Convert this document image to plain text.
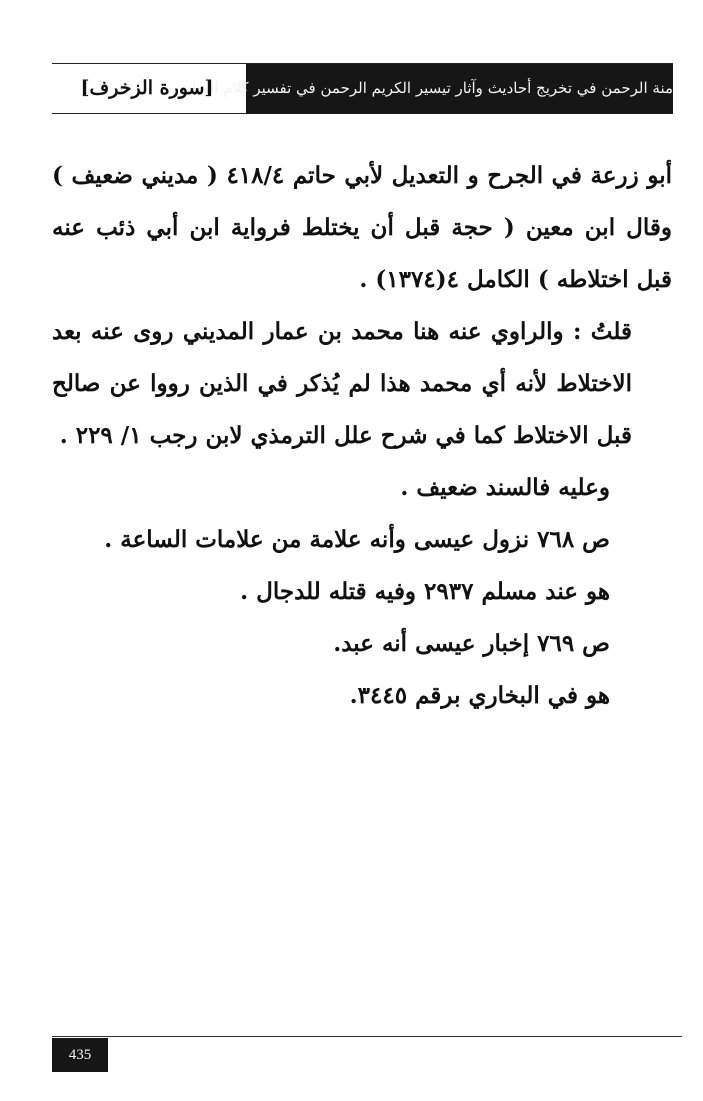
منة الرحمن في تخريج أحاديث وآثار تيسير الكريم الرحمن في تفسير كلام المنان
[سورة الزخرف]

أبو زرعة في الجرح و التعديل لأبي حاتم ٤١٨/٤ ( مديني ضعيف ) وقال ابن معين ( حجة قبل أن يختلط فرواية ابن أبي ذئب عنه قبل اختلاطه ) الكامل ٤(١٣٧٤) .

قلتُ : والراوي عنه هنا محمد بن عمار المديني روى عنه بعد الاختلاط لأنه أي محمد هذا لم يُذكر في الذين رووا عن صالح قبل الاختلاط كما في شرح علل الترمذي لابن رجب ١/ ٢٢٩ .

وعليه فالسند ضعيف .

ص ٧٦٨ نزول عيسى وأنه علامة من علامات الساعة .

هو عند مسلم ٢٩٣٧ وفيه قتله للدجال .

ص ٧٦٩ إخبار عيسى أنه عبد.

هو في البخاري برقم ٣٤٤٥.

435
